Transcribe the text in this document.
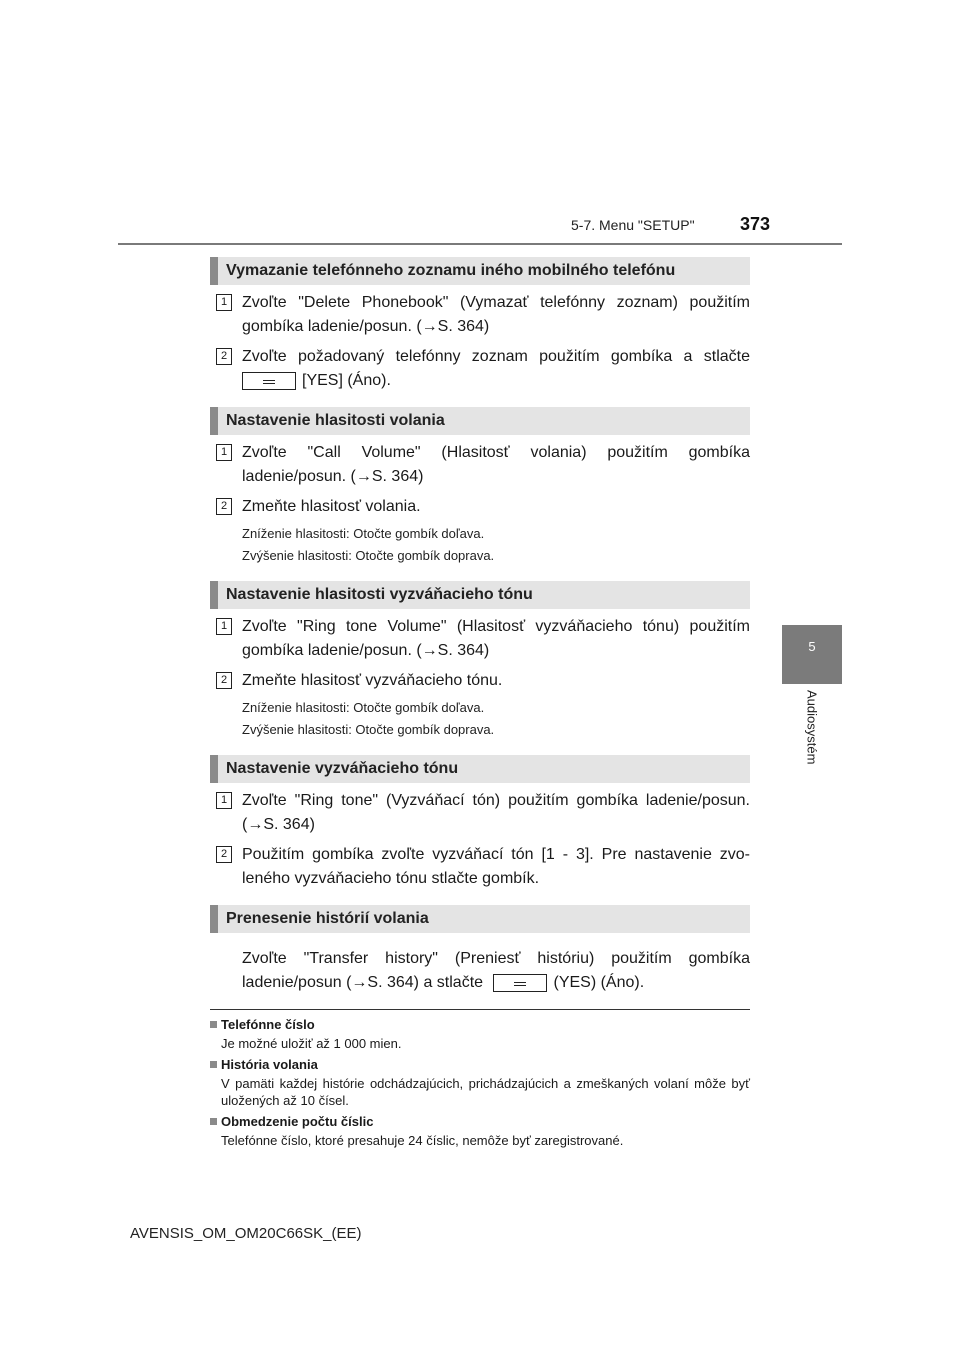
5-7. Menu "SETUP"	373
5
Audiosystém
Vymazanie telefónneho zoznamu iného mobilného telefónu
1 Zvoľte "Delete Phonebook" (Vymazať telefónny zoznam) použitím gombíka ladenie/posun. (→S. 364)
2 Zvoľte požadovaný telefónny zoznam použitím gombíka a stlačte [YES] (Áno).
Nastavenie hlasitosti volania
1 Zvoľte "Call Volume" (Hlasitosť volania) použitím gombíka ladenie/posun. (→S. 364)
2 Zmeňte hlasitosť volania.
Zníženie hlasitosti: Otočte gombík doľava.
Zvýšenie hlasitosti: Otočte gombík doprava.
Nastavenie hlasitosti vyzváňacieho tónu
1 Zvoľte "Ring tone Volume" (Hlasitosť vyzváňacieho tónu) použitím gombíka ladenie/posun. (→S. 364)
2 Zmeňte hlasitosť vyzváňacieho tónu.
Zníženie hlasitosti: Otočte gombík doľava.
Zvýšenie hlasitosti: Otočte gombík doprava.
Nastavenie vyzváňacieho tónu
1 Zvoľte "Ring tone" (Vyzváňací tón) použitím gombíka ladenie/posun. (→S. 364)
2 Použitím gombíka zvoľte vyzváňací tón [1 - 3]. Pre nastavenie zvoleného vyzváňacieho tónu stlačte gombík.
Prenesenie histórií volania
Zvoľte "Transfer history" (Preniesť históriu) použitím gombíka ladenie/posun (→S. 364) a stlačte	(YES) (Áno).
Telefónne číslo
Je možné uložiť až 1 000 mien.
História volania
V pamäti každej histórie odchádzajúcich, prichádzajúcich a zmeškaných volaní môže byť uložených až 10 čísel.
Obmedzenie počtu číslic
Telefónne číslo, ktoré presahuje 24 číslic, nemôže byť zaregistrované.
AVENSIS_OM_OM20C66SK_(EE)
